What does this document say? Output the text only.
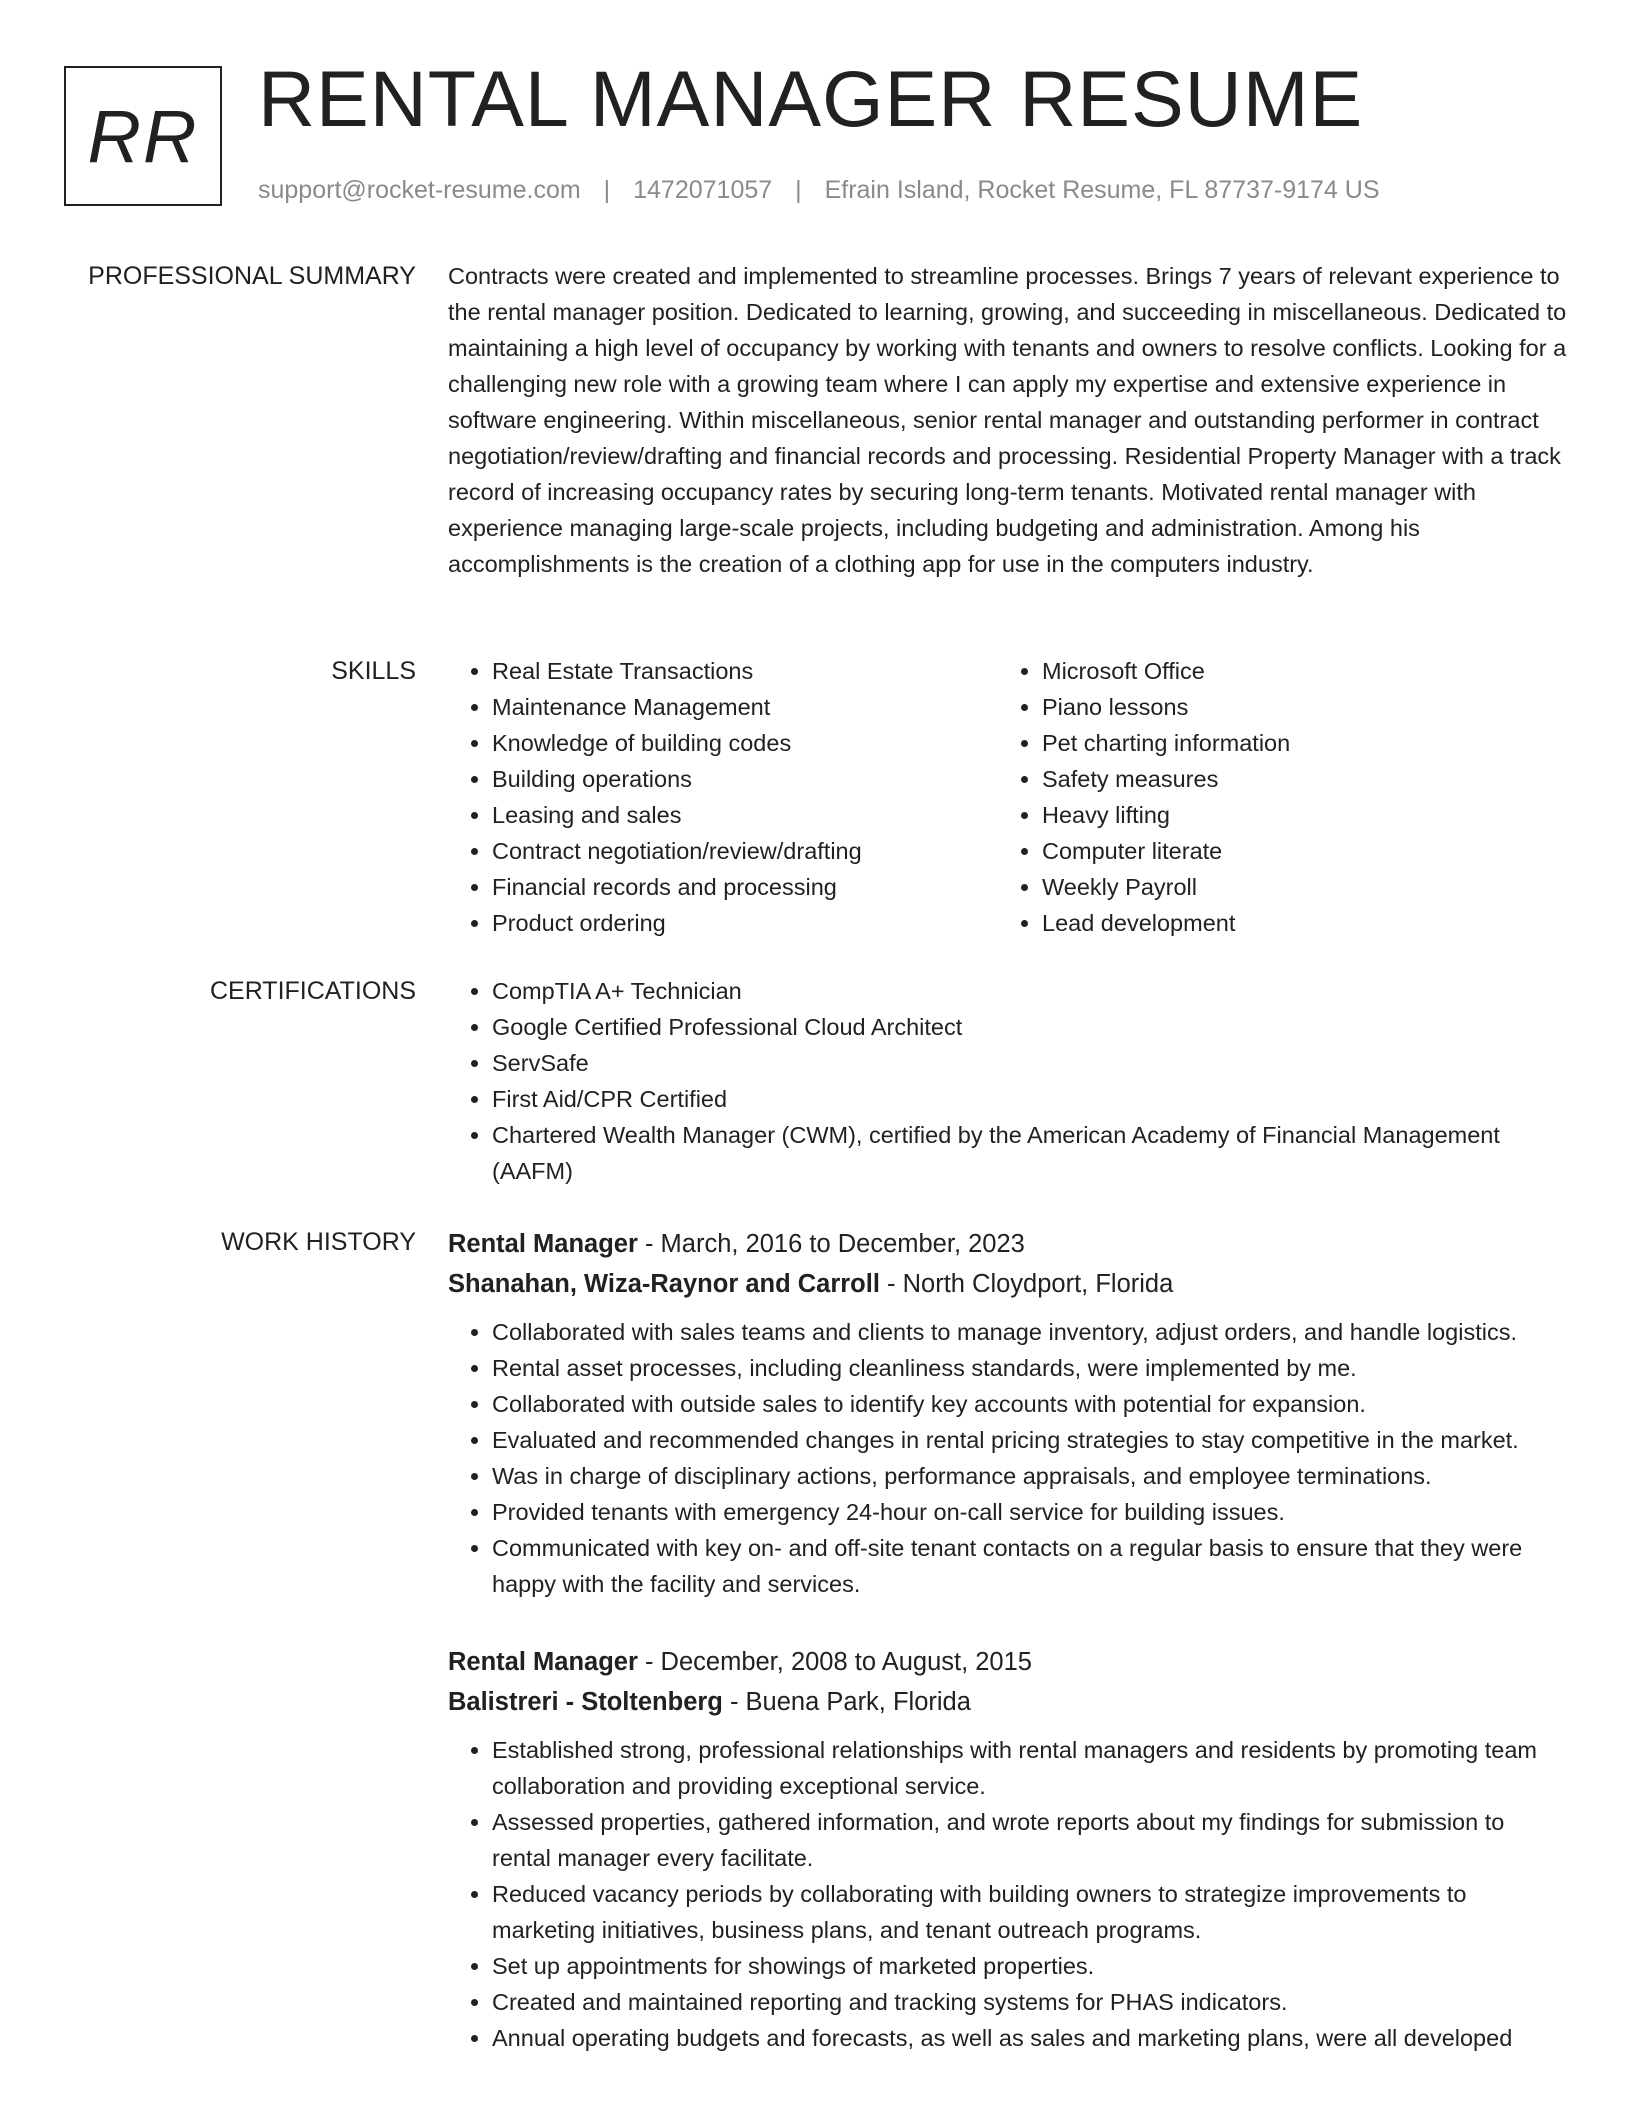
RR RENTAL MANAGER RESUME
support@rocket-resume.com | 1472071057 | Efrain Island, Rocket Resume, FL 87737-9174 US
PROFESSIONAL SUMMARY Contracts were created and implemented to streamline processes. Brings 7 years of relevant experience to the rental manager position. Dedicated to learning, growing, and succeeding in miscellaneous. Dedicated to maintaining a high level of occupancy by working with tenants and owners to resolve conflicts. Looking for a challenging new role with a growing team where I can apply my expertise and extensive experience in software engineering. Within miscellaneous, senior rental manager and outstanding performer in contract negotiation/review/drafting and financial records and processing. Residential Property Manager with a track record of increasing occupancy rates by securing long-term tenants. Motivated rental manager with experience managing large-scale projects, including budgeting and administration. Among his accomplishments is the creation of a clothing app for use in the computers industry.

SKILLS	• Real Estate Transactions
• Maintenance Management
• Knowledge of building codes
• Building operations
• Leasing and sales
• Contract negotiation/review/drafting
• Financial records and processing
• Product ordering
• Microsoft Office
• Piano lessons
• Pet charting information
• Safety measures
• Heavy lifting
• Computer literate
• Weekly Payroll
• Lead development
CERTIFICATIONS	• CompTIA A+ Technician
• Google Certified Professional Cloud Architect
• ServSafe
• First Aid/CPR Certified
• Chartered Wealth Manager (CWM), certified by the American Academy of Financial Management (AAFM)
WORK HISTORY Rental Manager - March, 2016 to December, 2023
Shanahan, Wiza-Raynor and Carroll - North Cloydport, Florida
• Collaborated with sales teams and clients to manage inventory, adjust orders, and handle logistics.
• Rental asset processes, including cleanliness standards, were implemented by me.
• Collaborated with outside sales to identify key accounts with potential for expansion.
• Evaluated and recommended changes in rental pricing strategies to stay competitive in the market.
• Was in charge of disciplinary actions, performance appraisals, and employee terminations.
• Provided tenants with emergency 24-hour on-call service for building issues.
• Communicated with key on- and off-site tenant contacts on a regular basis to ensure that they were happy with the facility and services.
Rental Manager - December, 2008 to August, 2015
Balistreri - Stoltenberg - Buena Park, Florida
• Established strong, professional relationships with rental managers and residents by promoting team collaboration and providing exceptional service.
• Assessed properties, gathered information, and wrote reports about my findings for submission to rental manager every facilitate.
• Reduced vacancy periods by collaborating with building owners to strategize improvements to marketing initiatives, business plans, and tenant outreach programs.
• Set up appointments for showings of marketed properties.
• Created and maintained reporting and tracking systems for PHAS indicators.
• Annual operating budgets and forecasts, as well as sales and marketing plans, were all developed
